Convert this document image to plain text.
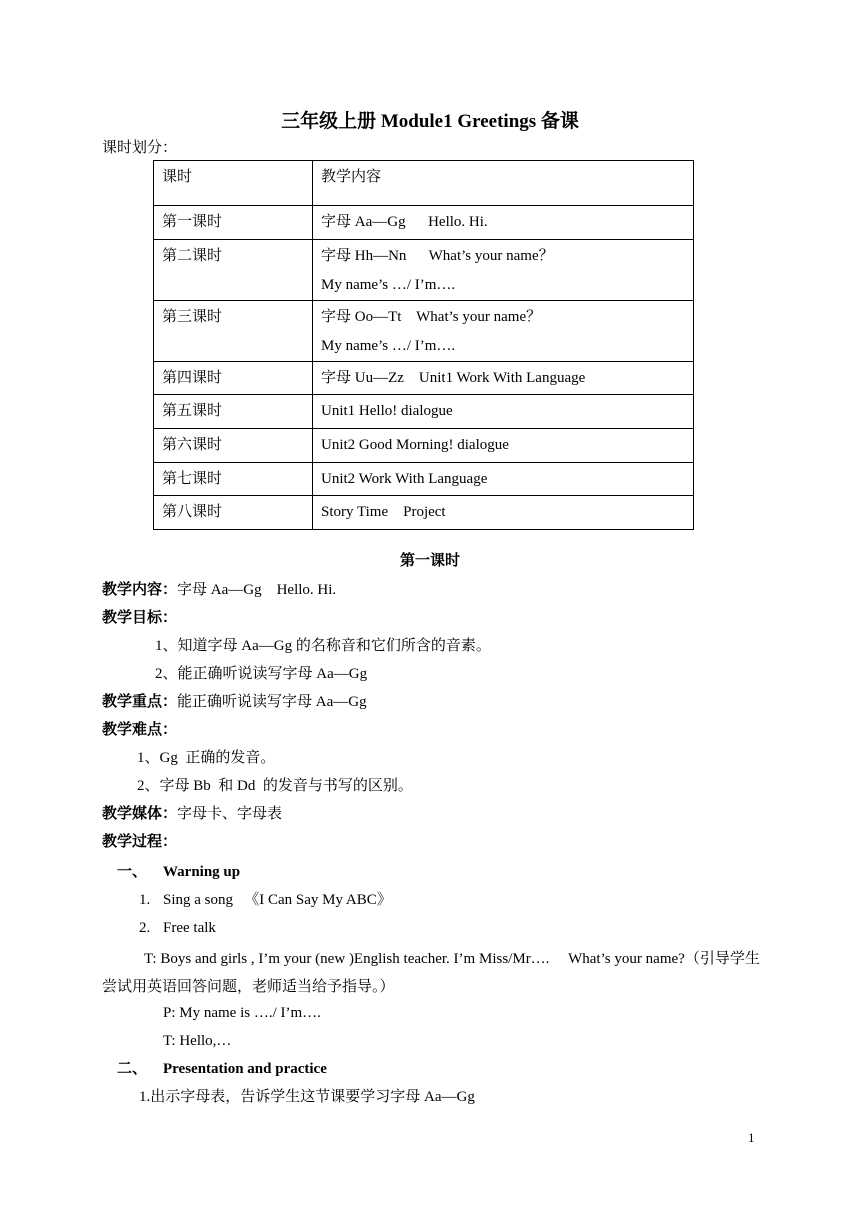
三年级上册 Module1 Greetings 备课
课时划分：
课时	教学内容
第一课时	字母 Aa—Gg      Hello. Hi.

第二课时	字母 Hh—Nn      What’s your name？
My name’s …/ I’m….

第三课时	字母 Oo—Tt    What’s your name？
My name’s …/ I’m….

第四课时	字母 Uu—Zz    Unit1 Work With Language

第五课时	Unit1 Hello! dialogue

第六课时	Unit2 Good Morning! dialogue

第七课时	Unit2 Work With Language

第八课时	Story Time    Project
第一课时
教学内容：字母 Aa—Gg    Hello. Hi.
教学目标：
1、知道字母 Aa—Gg 的名称音和它们所含的音素。
2、能正确听说读写字母 Aa—Gg
教学重点：能正确听说读写字母 Aa—Gg
教学难点：
1、Gg  正确的发音。
2、字母 Bb  和 Dd  的发音与书写的区别。
教学媒体：字母卡、字母表
教学过程：
一、 Warning up
1. Sing a song   《I Can Say My ABC》
2. Free talk
T: Boys and girls , I’m your (new )English teacher. I’m Miss/Mr….     What’s your name?（引导学生尝试用英语回答问题，老师适当给予指导。）
P: My name is …./ I’m….
T: Hello,…
二、 Presentation and practice
1.出示字母表，告诉学生这节课要学习字母 Aa—Gg
1
